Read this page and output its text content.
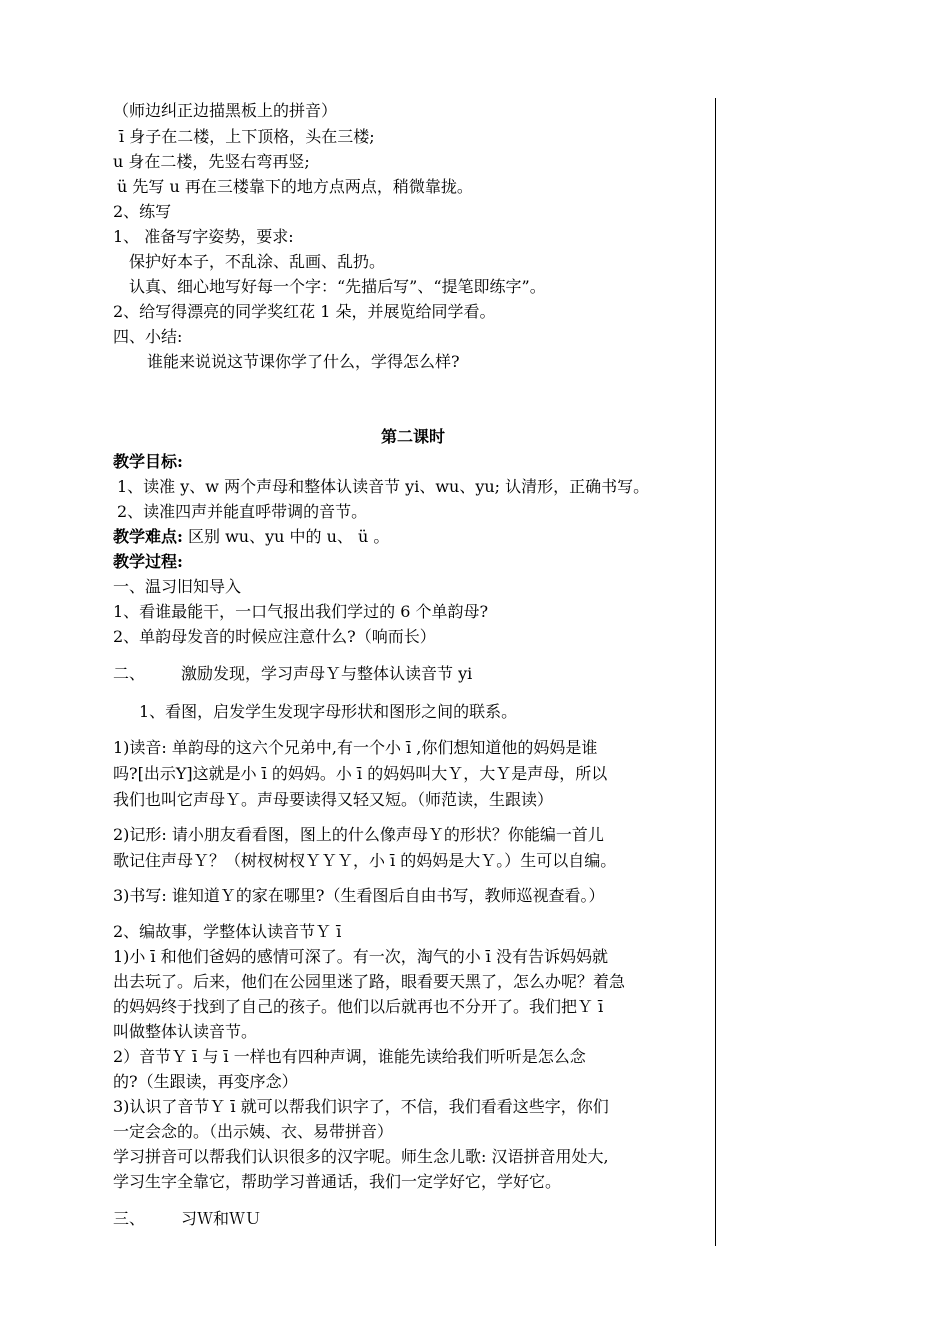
（师边纠正边描黑板上的拼音）
ī 身子在二楼，上下顶格，头在三楼;
u 身在二楼，先竖右弯再竖;
ü 先写 u 再在三楼靠下的地方点两点，稍微靠拢。
2、练写
1、 准备写字姿势，要求:
保护好本子，不乱涂、乱画、乱扔。
认真、细心地写好每一个字：“先描后写”、“提笔即练字”。
2、给写得漂亮的同学奖红花 1 朵，并展览给同学看。
四、小结:
谁能来说说这节课你学了什么，学得怎么样?
第二课时
教学目标:
1、读准 y、w 两个声母和整体认读音节 yi、wu、yu; 认清形，正确书写。
2、读准四声并能直呼带调的音节。
教学难点: 区别 wu、yu 中的 u、 ü 。
教学过程:
一、温习旧知导入
1、看谁最能干，一口气报出我们学过的 6 个单韵母?
2、单韵母发音的时候应注意什么?（响而长）
二、 激励发现，学习声母Ｙ与整体认读音节 yi
1、看图，启发学生发现字母形状和图形之间的联系。
1)读音: 单韵母的这六个兄弟中,有一个小 ī ,你们想知道他的妈妈是谁
吗?[出示Y]这就是小 ī 的妈妈。小 ī 的妈妈叫大Ｙ，大Ｙ是声母，所以
我们也叫它声母Ｙ。声母要读得又轻又短。（师范读，生跟读）
2)记形: 请小朋友看看图，图上的什么像声母Ｙ的形状？你能编一首儿
歌记住声母Ｙ？（树杈树杈ＹＹＹ，小 ī 的妈妈是大Ｙ。）生可以自编。
3)书写: 谁知道Ｙ的家在哪里?（生看图后自由书写，教师巡视查看。）
2、编故事，学整体认读音节Ｙ ī
1)小 ī 和他们爸妈的感情可深了。有一次，淘气的小 ī 没有告诉妈妈就
出去玩了。后来，他们在公园里迷了路，眼看要天黑了，怎么办呢？着急
的妈妈终于找到了自己的孩子。他们以后就再也不分开了。我们把Ｙ ī
叫做整体认读音节。
2）音节Ｙ ī 与 ī 一样也有四种声调，谁能先读给我们听听是怎么念
的?（生跟读，再变序念）
3)认识了音节Ｙ ī 就可以帮我们识字了，不信，我们看看这些字，你们
一定会念的。（出示姨、衣、易带拼音）
学习拼音可以帮我们认识很多的汉字呢。师生念儿歌: 汉语拼音用处大,
学习生字全靠它，帮助学习普通话，我们一定学好它，学好它。
三、 习Ｗ和ＷＵ
